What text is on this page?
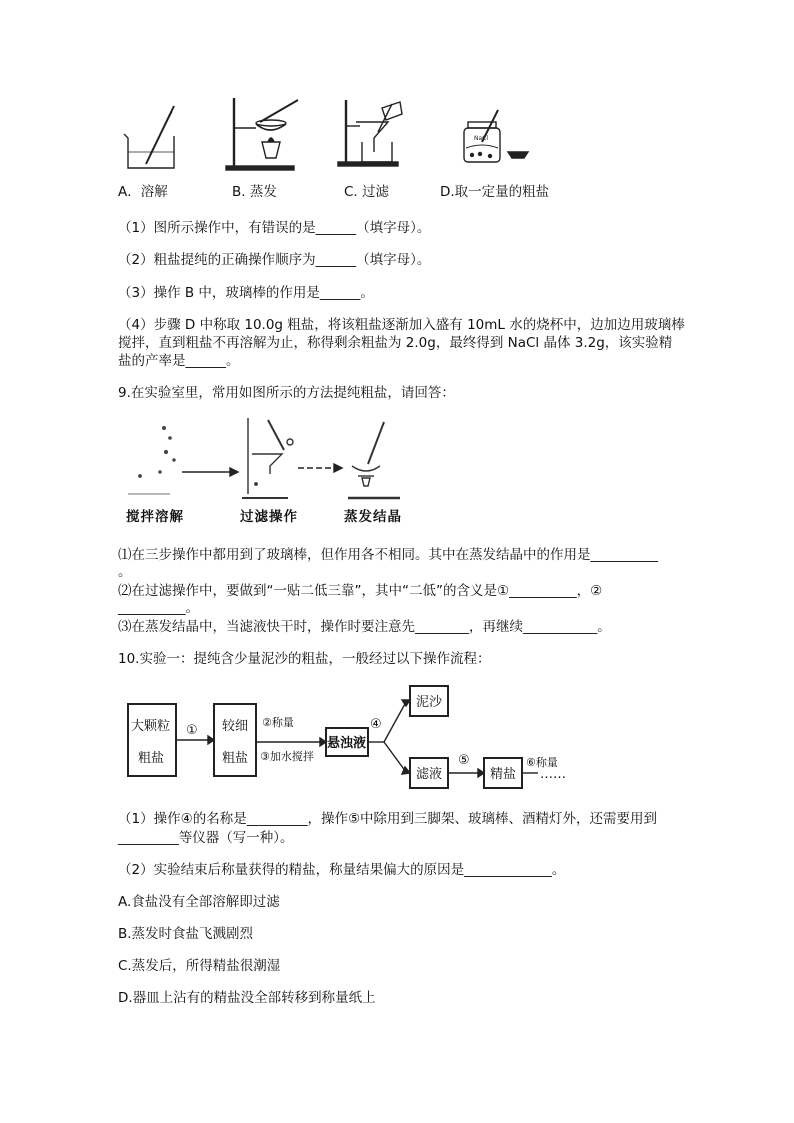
NaCl
A．溶解	B. 蒸发	C. 过滤	D.取一定量的粗盐
（1）图所示操作中，有错误的是______（填字母）。
（2）粗盐提纯的正确操作顺序为______（填字母）。
（3）操作 B 中，玻璃棒的作用是______。
（4）步骤 D 中称取 10.0g 粗盐，将该粗盐逐渐加入盛有 10mL 水的烧杯中，边加边用玻璃棒
搅拌，直到粗盐不再溶解为止，称得剩余粗盐为 2.0g，最终得到 NaCl 晶体 3.2g，该实验精
盐的产率是______。
9.在实验室里，常用如图所示的方法提纯粗盐，请回答：
搅拌溶解	过滤操作	蒸发结晶
⑴在三步操作中都用到了玻璃棒，但作用各不相同。其中在蒸发结晶中的作用是__________
。
⑵在过滤操作中，要做到“一贴二低三靠”，其中“二低”的含义是①__________，②
__________。
⑶在蒸发结晶中，当滤液快干时，操作时要注意先________，再继续___________。
10.实验一：提纯含少量泥沙的粗盐，一般经过以下操作流程：
大颗粒
粗盐
① 较细
粗盐
②称量
③加水搅拌
悬浊液
④
泥沙
滤液
⑤
精盐
⑥称量
……
（1）操作④的名称是_________，操作⑤中除用到三脚架、玻璃棒、酒精灯外，还需要用到
_________等仪器（写一种）。
（2）实验结束后称量获得的精盐，称量结果偏大的原因是_____________。
A.食盐没有全部溶解即过滤
B.蒸发时食盐飞溅剧烈
C.蒸发后，所得精盐很潮湿
D.器皿上沾有的精盐没全部转移到称量纸上
